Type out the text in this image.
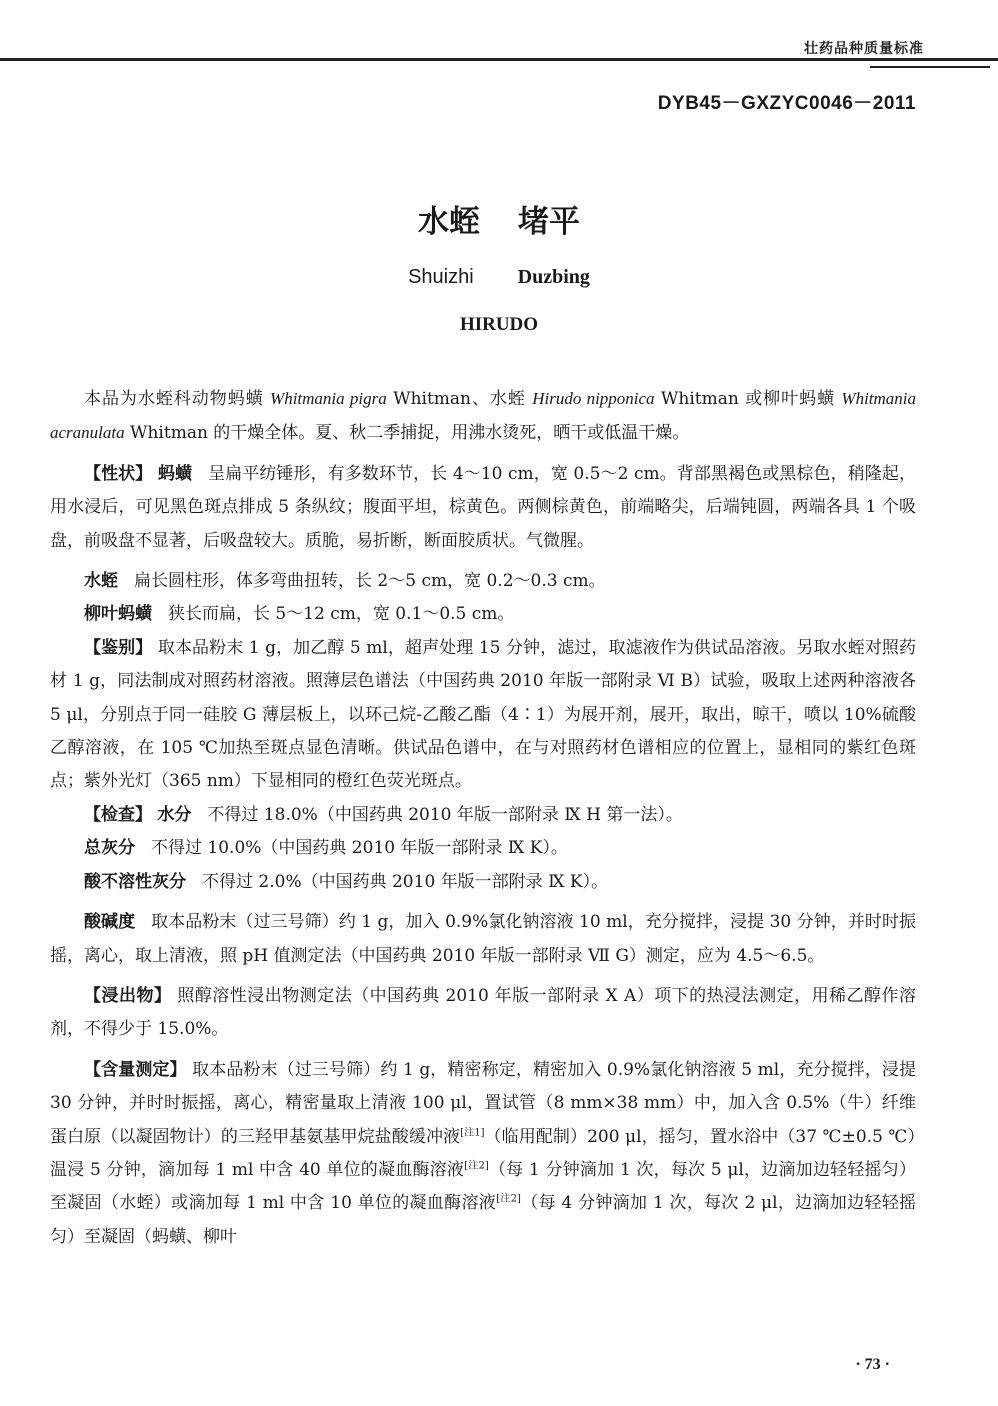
壮药品种质量标准
DYB45－GXZYC0046－2011
水蛭 堵平
Shuizhi Duzbing
HIRUDO

本品为水蛭科动物蚂蟥 Whitmania pigra Whitman、水蛭 Hirudo nipponica Whitman 或柳叶蚂蟥 Whitmania acranulata Whitman 的干燥全体。夏、秋二季捕捉，用沸水烫死，晒干或低温干燥。

【性状】 蚂蟥 呈扁平纺锤形，有多数环节，长 4～10 cm，宽 0.5～2 cm。背部黑褐色或黑棕色，稍隆起，用水浸后，可见黑色斑点排成 5 条纵纹；腹面平坦，棕黄色。两侧棕黄色，前端略尖，后端钝圆，两端各具 1 个吸盘，前吸盘不显著，后吸盘较大。质脆，易折断，断面胶质状。气微腥。

水蛭 扁长圆柱形，体多弯曲扭转，长 2～5 cm，宽 0.2～0.3 cm。

柳叶蚂蟥 狭长而扁，长 5～12 cm，宽 0.1～0.5 cm。

【鉴别】 取本品粉末 1 g，加乙醇 5 ml，超声处理 15 分钟，滤过，取滤液作为供试品溶液。另取水蛭对照药材 1 g，同法制成对照药材溶液。照薄层色谱法（中国药典 2010 年版一部附录 Ⅵ B）试验，吸取上述两种溶液各 5 μl，分别点于同一硅胶 G 薄层板上，以环己烷-乙酸乙酯（4∶1）为展开剂，展开，取出，晾干，喷以 10%硫酸乙醇溶液，在 105 ℃加热至斑点显色清晰。供试品色谱中，在与对照药材色谱相应的位置上，显相同的紫红色斑点；紫外光灯（365 nm）下显相同的橙红色荧光斑点。

【检查】 水分 不得过 18.0%（中国药典 2010 年版一部附录 Ⅸ H 第一法）。

总灰分 不得过 10.0%（中国药典 2010 年版一部附录 Ⅸ K）。

酸不溶性灰分 不得过 2.0%（中国药典 2010 年版一部附录 Ⅸ K）。

酸碱度 取本品粉末（过三号筛）约 1 g，加入 0.9%氯化钠溶液 10 ml，充分搅拌，浸提 30 分钟，并时时振摇，离心，取上清液，照 pH 值测定法（中国药典 2010 年版一部附录 Ⅶ G）测定，应为 4.5～6.5。

【浸出物】 照醇溶性浸出物测定法（中国药典 2010 年版一部附录 Ⅹ A）项下的热浸法测定，用稀乙醇作溶剂，不得少于 15.0%。

【含量测定】 取本品粉末（过三号筛）约 1 g，精密称定，精密加入 0.9%氯化钠溶液 5 ml，充分搅拌，浸提 30 分钟，并时时振摇，离心，精密量取上清液 100 μl，置试管（8 mm×38 mm）中，加入含 0.5%（牛）纤维蛋白原（以凝固物计）的三羟甲基氨基甲烷盐酸缓冲液[注1]（临用配制）200 μl，摇匀，置水浴中（37 ℃±0.5 ℃）温浸 5 分钟，滴加每 1 ml 中含 40 单位的凝血酶溶液[注2]（每 1 分钟滴加 1 次，每次 5 μl，边滴加边轻轻摇匀）至凝固（水蛭）或滴加每 1 ml 中含 10 单位的凝血酶溶液[注2]（每 4 分钟滴加 1 次，每次 2 μl，边滴加边轻轻摇匀）至凝固（蚂蟥、柳叶

· 73 ·
